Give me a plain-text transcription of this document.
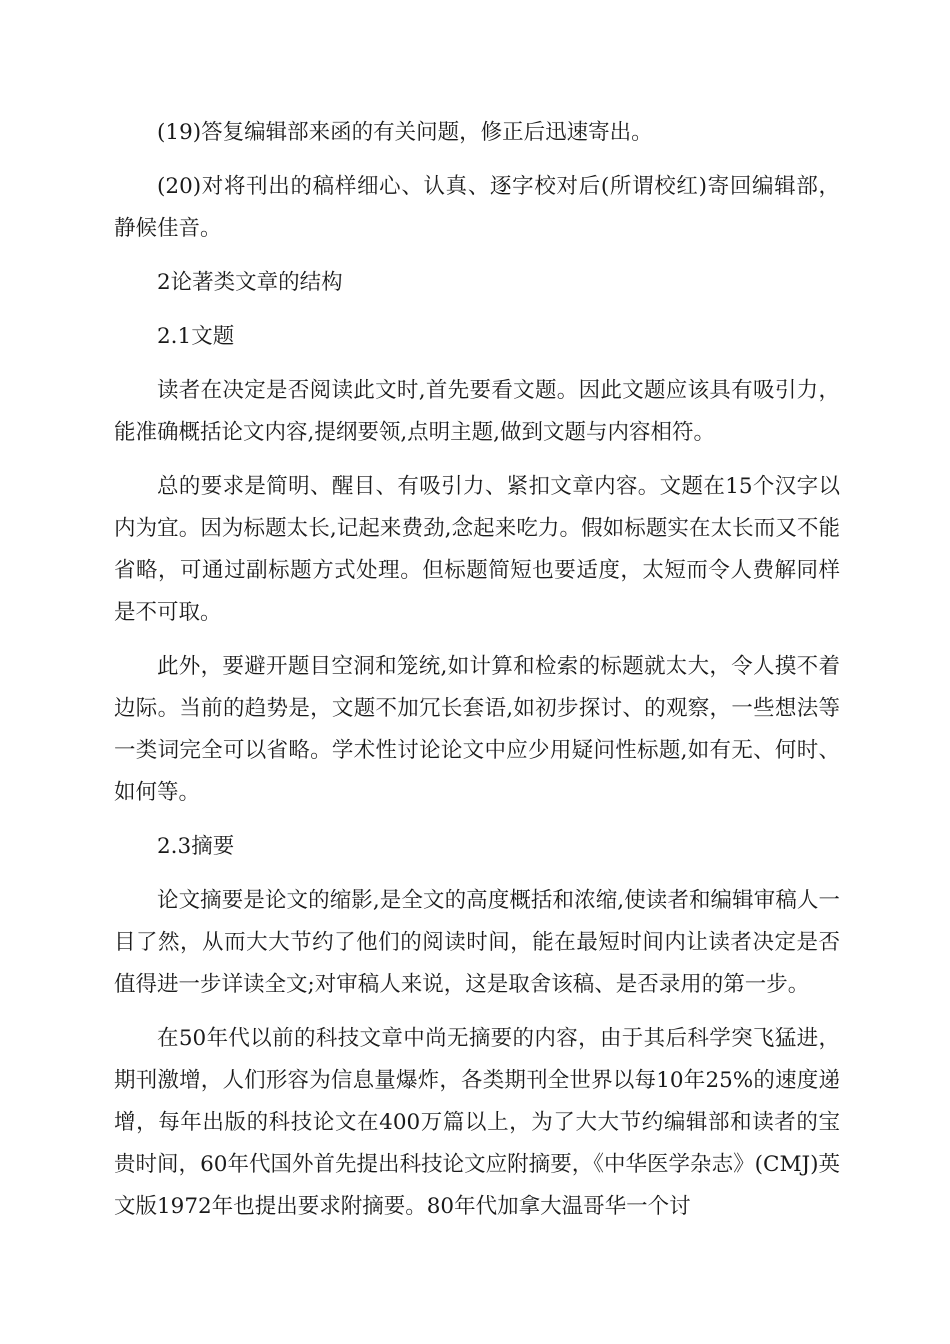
(19)答复编辑部来函的有关问题，修正后迅速寄出。

(20)对将刊出的稿样细心、认真、逐字校对后(所谓校红)寄回编辑部，静候佳音。

2论著类文章的结构

2.1文题

读者在决定是否阅读此文时,首先要看文题。因此文题应该具有吸引力，能准确概括论文内容,提纲要领,点明主题,做到文题与内容相符。

总的要求是简明、醒目、有吸引力、紧扣文章内容。文题在15个汉字以内为宜。因为标题太长,记起来费劲,念起来吃力。假如标题实在太长而又不能省略，可通过副标题方式处理。但标题简短也要适度，太短而令人费解同样是不可取。

此外，要避开题目空洞和笼统,如计算和检索的标题就太大，令人摸不着边际。当前的趋势是，文题不加冗长套语,如初步探讨、的观察，一些想法等一类词完全可以省略。学术性讨论论文中应少用疑问性标题,如有无、何时、如何等。

2.3摘要

论文摘要是论文的缩影,是全文的高度概括和浓缩,使读者和编辑审稿人一目了然，从而大大节约了他们的阅读时间，能在最短时间内让读者决定是否值得进一步详读全文;对审稿人来说，这是取舍该稿、是否录用的第一步。

在50年代以前的科技文章中尚无摘要的内容，由于其后科学突飞猛进，期刊激增，人们形容为信息量爆炸，各类期刊全世界以每10年25%的速度递增，每年出版的科技论文在400万篇以上，为了大大节约编辑部和读者的宝贵时间，60年代国外首先提出科技论文应附摘要，《中华医学杂志》(CMJ)英文版1972年也提出要求附摘要。80年代加拿大温哥华一个讨
